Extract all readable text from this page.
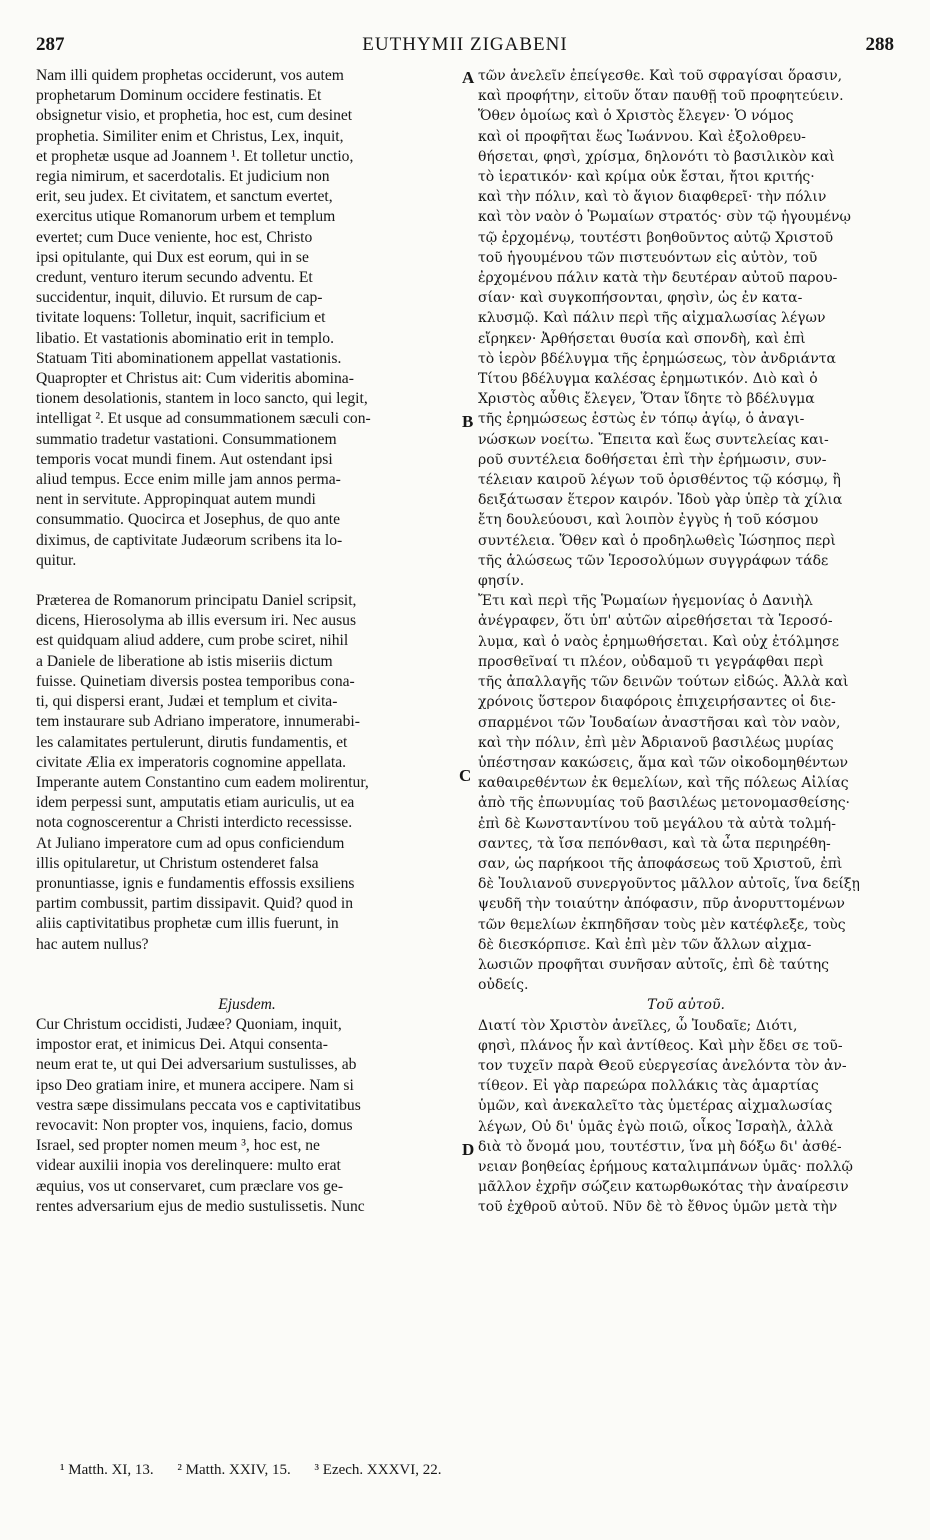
287	EUTHYMII ZIGABENI	288
Nam illi quidem prophetas occiderunt, vos autem
prophetarum Dominum occidere festinatis. Et
obsignetur visio, et prophetia, hoc est, cum desinet
prophetia. Similiter enim et Christus, Lex, inquit,
et prophetæ usque ad Joannem ¹. Et tolletur unctio,
regia nimirum, et sacerdotalis. Et judicium non
erit, seu judex. Et civitatem, et sanctum evertet,
exercitus utique Romanorum urbem et templum
evertet; cum Duce veniente, hoc est, Christo
ipsi opitulante, qui Dux est eorum, qui in se
credunt, venturo iterum secundo adventu. Et
succidentur, inquit, diluvio. Et rursum de cap-
tivitate loquens: Tolletur, inquit, sacrificium et
libatio. Et vastationis abominatio erit in templo.
Statuam Titi abominationem appellat vastationis.
Quapropter et Christus ait: Cum videritis abomina-
tionem desolationis, stantem in loco sancto, qui legit,
intelligat ². Et usque ad consummationem sæculi con-
summatio tradetur vastationi. Consummationem
temporis vocat mundi finem. Aut ostendant ipsi
aliud tempus. Ecce enim mille jam annos perma-
nent in servitute. Appropinquat autem mundi
consummatio. Quocirca et Josephus, de quo ante
diximus, de captivitate Judæorum scribens ita lo-
quitur.
Præterea de Romanorum principatu Daniel scripsit,
dicens, Hierosolyma ab illis eversum iri. Nec ausus
est quidquam aliud addere, cum probe sciret, nihil
a Daniele de liberatione ab istis miseriis dictum
fuisse. Quinetiam diversis postea temporibus cona-
ti, qui dispersi erant, Judæi et templum et civita-
tem instaurare sub Adriano imperatore, innumerabi-
les calamitates pertulerunt, dirutis fundamentis, et
civitate Ælia ex imperatoris cognomine appellata.
Imperante autem Constantino cum eadem molirentur,
idem perpessi sunt, amputatis etiam auriculis, ut ea
nota cognoscerentur a Christi interdicto recessisse.
At Juliano imperatore cum ad opus conficiendum
illis opitularetur, ut Christum ostenderet falsa
pronuntiasse, ignis e fundamentis effossis exsiliens
partim combussit, partim dissipavit. Quid? quod in
aliis captivitatibus prophetæ cum illis fuerunt, in
hac autem nullus?
Ejusdem.
Cur Christum occidisti, Judæe? Quoniam, inquit,
impostor erat, et inimicus Dei. Atqui consenta-
neum erat te, ut qui Dei adversarium sustulisses, ab
ipso Deo gratiam inire, et munera accipere. Nam si
vestra sæpe dissimulans peccata vos e captivitatibus
revocavit: Non propter vos, inquiens, facio, domus
Israel, sed propter nomen meum ³, hoc est, ne
videar auxilii inopia vos derelinquere: multo erat
æquius, vos ut conservaret, cum præclare vos ge-
rentes adversarium ejus de medio sustulissetis. Nunc
τῶν ἀνελεῖν ἐπείγεσθε. Καὶ τοῦ σφραγίσαι ὅρασιν,
καὶ προφήτην, εἰτοῦν ὅταν παυθῇ τοῦ προφητεύειν.
Ὅθεν ὁμοίως καὶ ὁ Χριστὸς ἔλεγεν· Ὁ νόμος
καὶ οἱ προφῆται ἕως Ἰωάννου. Καὶ ἐξολοθρευ-
θήσεται, φησὶ, χρίσμα, δηλονότι τὸ βασιλικὸν καὶ
τὸ ἱερατικόν· καὶ κρίμα οὐκ ἔσται, ἤτοι κριτής·
καὶ τὴν πόλιν, καὶ τὸ ἅγιον διαφθερεῖ· τὴν πόλιν
καὶ τὸν ναὸν ὁ Ῥωμαίων στρατός· σὺν τῷ ἡγουμένῳ
τῷ ἐρχομένῳ, τουτέστι βοηθοῦντος αὐτῷ Χριστοῦ
τοῦ ἡγουμένου τῶν πιστευόντων εἰς αὐτὸν, τοῦ
ἐρχομένου πάλιν κατὰ τὴν δευτέραν αὐτοῦ παρου-
σίαν· καὶ συγκοπήσονται, φησὶν, ὡς ἐν κατα-
κλυσμῷ. Καὶ πάλιν περὶ τῆς αἰχμαλωσίας λέγων
εἴρηκεν· Ἀρθήσεται θυσία καὶ σπονδὴ, καὶ ἐπὶ
τὸ ἱερὸν βδέλυγμα τῆς ἐρημώσεως, τὸν ἀνδριάντα
Τίτου βδέλυγμα καλέσας ἐρημωτικόν. Διὸ καὶ ὁ
Χριστὸς αὖθις ἔλεγεν, Ὅταν ἴδητε τὸ βδέλυγμα
τῆς ἐρημώσεως ἑστὼς ἐν τόπῳ ἁγίῳ, ὁ ἀναγι-
νώσκων νοείτω. Ἔπειτα καὶ ἕως συντελείας και-
ροῦ συντέλεια δοθήσεται ἐπὶ τὴν ἐρήμωσιν, συν-
τέλειαν καιροῦ λέγων τοῦ ὁρισθέντος τῷ κόσμῳ, ἢ
δειξάτωσαν ἕτερον καιρόν. Ἰδοὺ γὰρ ὑπὲρ τὰ χίλια
ἔτη δουλεύουσι, καὶ λοιπὸν ἐγγὺς ἡ τοῦ κόσμου
συντέλεια. Ὅθεν καὶ ὁ προδηλωθεὶς Ἰώσηπος περὶ
τῆς ἁλώσεως τῶν Ἱεροσολύμων συγγράφων τάδε
φησίν.
Ἔτι καὶ περὶ τῆς Ῥωμαίων ἡγεμονίας ὁ Δανιὴλ
ἀνέγραφεν, ὅτι ὑπ' αὐτῶν αἱρεθήσεται τὰ Ἱεροσό-
λυμα, καὶ ὁ ναὸς ἐρημωθήσεται. Καὶ οὐχ ἐτόλμησε
προσθεῖναί τι πλέον, οὐδαμοῦ τι γεγράφθαι περὶ
τῆς ἀπαλλαγῆς τῶν δεινῶν τούτων εἰδώς. Ἀλλὰ καὶ
χρόνοις ὕστερον διαφόροις ἐπιχειρήσαντες οἱ διε-
σπαρμένοι τῶν Ἰουδαίων ἀναστῆσαι καὶ τὸν ναὸν,
καὶ τὴν πόλιν, ἐπὶ μὲν Ἀδριανοῦ βασιλέως μυρίας
ὑπέστησαν κακώσεις, ἅμα καὶ τῶν οἰκοδομηθέντων
καθαιρεθέντων ἐκ θεμελίων, καὶ τῆς πόλεως Αἰλίας
ἀπὸ τῆς ἐπωνυμίας τοῦ βασιλέως μετονομασθείσης·
ἐπὶ δὲ Κωνσταντίνου τοῦ μεγάλου τὰ αὐτὰ τολμή-
σαντες, τὰ ἴσα πεπόνθασι, καὶ τὰ ὦτα περιηρέθη-
σαν, ὡς παρήκοοι τῆς ἀποφάσεως τοῦ Χριστοῦ, ἐπὶ
δὲ Ἰουλιανοῦ συνεργοῦντος μᾶλλον αὐτοῖς, ἵνα δείξῃ
ψευδῆ τὴν τοιαύτην ἀπόφασιν, πῦρ ἀνορυττομένων
τῶν θεμελίων ἐκπηδῆσαν τοὺς μὲν κατέφλεξε, τοὺς
δὲ διεσκόρπισε. Καὶ ἐπὶ μὲν τῶν ἄλλων αἰχμα-
λωσιῶν προφῆται συνῆσαν αὐτοῖς, ἐπὶ δὲ ταύτης
οὐδείς.
Τοῦ αὐτοῦ.
Διατί τὸν Χριστὸν ἀνεῖλες, ὦ Ἰουδαῖε; Διότι,
φησὶ, πλάνος ἦν καὶ ἀντίθεος. Καὶ μὴν ἔδει σε τοῦ-
τον τυχεῖν παρὰ Θεοῦ εὐεργεσίας ἀνελόντα τὸν ἀν-
τίθεον. Εἰ γὰρ παρεώρα πολλάκις τὰς ἁμαρτίας
ὑμῶν, καὶ ἀνεκαλεῖτο τὰς ὑμετέρας αἰχμαλωσίας
λέγων, Οὐ δι' ὑμᾶς ἐγὼ ποιῶ, οἶκος Ἰσραὴλ, ἀλλὰ
διὰ τὸ ὄνομά μου, τουτέστιν, ἵνα μὴ δόξω δι' ἀσθέ-
νειαν βοηθείας ἐρήμους καταλιμπάνων ὑμᾶς· πολλῷ
μᾶλλον ἐχρῆν σώζειν κατωρθωκότας τὴν ἀναίρεσιν
τοῦ ἐχθροῦ αὐτοῦ. Νῦν δὲ τὸ ἔθνος ὑμῶν μετὰ τὴν
A
B
C
D
¹ Matth. XI, 13. ² Matth. XXIV, 15. ³ Ezech. XXXVI, 22.
